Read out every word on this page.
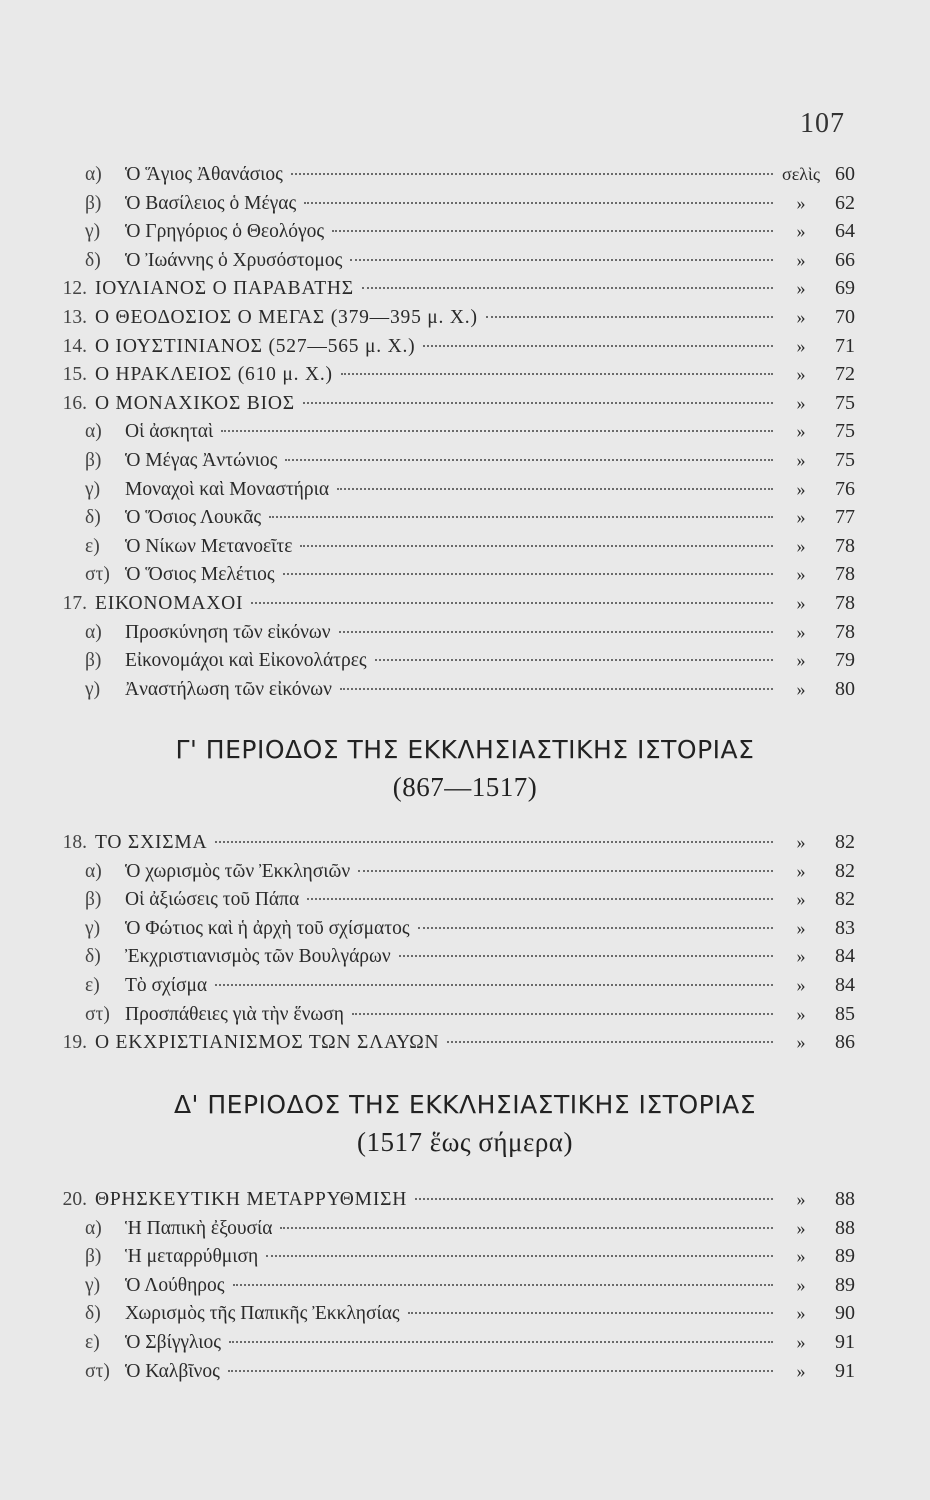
107
α)	Ὁ Ἅγιος Ἀθανάσιος	σελὶς 60
β)	Ὁ Βασίλειος ὁ Μέγας	»	62
γ)	Ὁ Γρηγόριος ὁ Θεολόγος	»	64
δ)	Ὁ Ἰωάννης ὁ Χρυσόστομος	»	66
12. ΙΟΥΛΙΑΝΟΣ Ο ΠΑΡΑΒΑΤΗΣ	»	69
13. Ο ΘΕΟΔΟΣΙΟΣ Ο ΜΕΓΑΣ (379—395 μ. Χ.)	»	70
14. Ο ΙΟΥΣΤΙΝΙΑΝΟΣ (527—565 μ. Χ.)	»	71
15. Ο ΗΡΑΚΛΕΙΟΣ (610 μ. Χ.)	»	72
16. Ο ΜΟΝΑΧΙΚΟΣ ΒΙΟΣ	»	75
α)	Οἱ ἀσκηταὶ	»	75
β)	Ὁ Μέγας Ἀντώνιος	»	75
γ)	Μοναχοὶ καὶ Μοναστήρια	»	76
δ)	Ὁ Ὅσιος Λουκᾶς	»	77
ε)	Ὁ Νίκων Μετανοεῖτε	»	78
στ) Ὁ Ὅσιος Μελέτιος	»	78
17. ΕΙΚΟΝΟΜΑΧΟΙ	»	78
α)	Προσκύνηση τῶν εἰκόνων	»	78
β)	Εἰκονομάχοι καὶ Εἰκονολάτρες	»	79
γ)	Ἀναστήλωση τῶν εἰκόνων	»	80
Γ' ΠΕΡΙΟΔΟΣ ΤΗΣ ΕΚΚΛΗΣΙΑΣΤΙΚΗΣ ΙΣΤΟΡΙΑΣ
(867—1517)
18. ΤΟ ΣΧΙΣΜΑ	»	82
α)	Ὁ χωρισμὸς τῶν Ἐκκλησιῶν	»	82
β)	Οἱ ἀξιώσεις τοῦ Πάπα	»	82
γ)	Ὁ Φώτιος καὶ ἡ ἀρχὴ τοῦ σχίσματος	»	83
δ)	Ἐκχριστιανισμὸς τῶν Βουλγάρων	»	84
ε)	Τὸ σχίσμα	»	84
στ) Προσπάθειες γιὰ τὴν ἕνωση	»	85
19. Ο ΕΚΧΡΙΣΤΙΑΝΙΣΜΟΣ ΤΩΝ ΣΛΑΥΩΝ	»	86
Δ' ΠΕΡΙΟΔΟΣ ΤΗΣ ΕΚΚΛΗΣΙΑΣΤΙΚΗΣ ΙΣΤΟΡΙΑΣ
(1517 ἕως σήμερα)
20. ΘΡΗΣΚΕΥΤΙΚΗ ΜΕΤΑΡΡΥΘΜΙΣΗ	»	88
α)	Ἡ Παπικὴ ἐξουσία	»	88
β)	Ἡ μεταρρύθμιση	»	89
γ)	Ὁ Λούθηρος	»	89
δ)	Χωρισμὸς τῆς Παπικῆς Ἐκκλησίας	»	90
ε)	Ὁ Σβίγγλιος	»	91
στ) Ὁ Καλβῖνος	»	91
